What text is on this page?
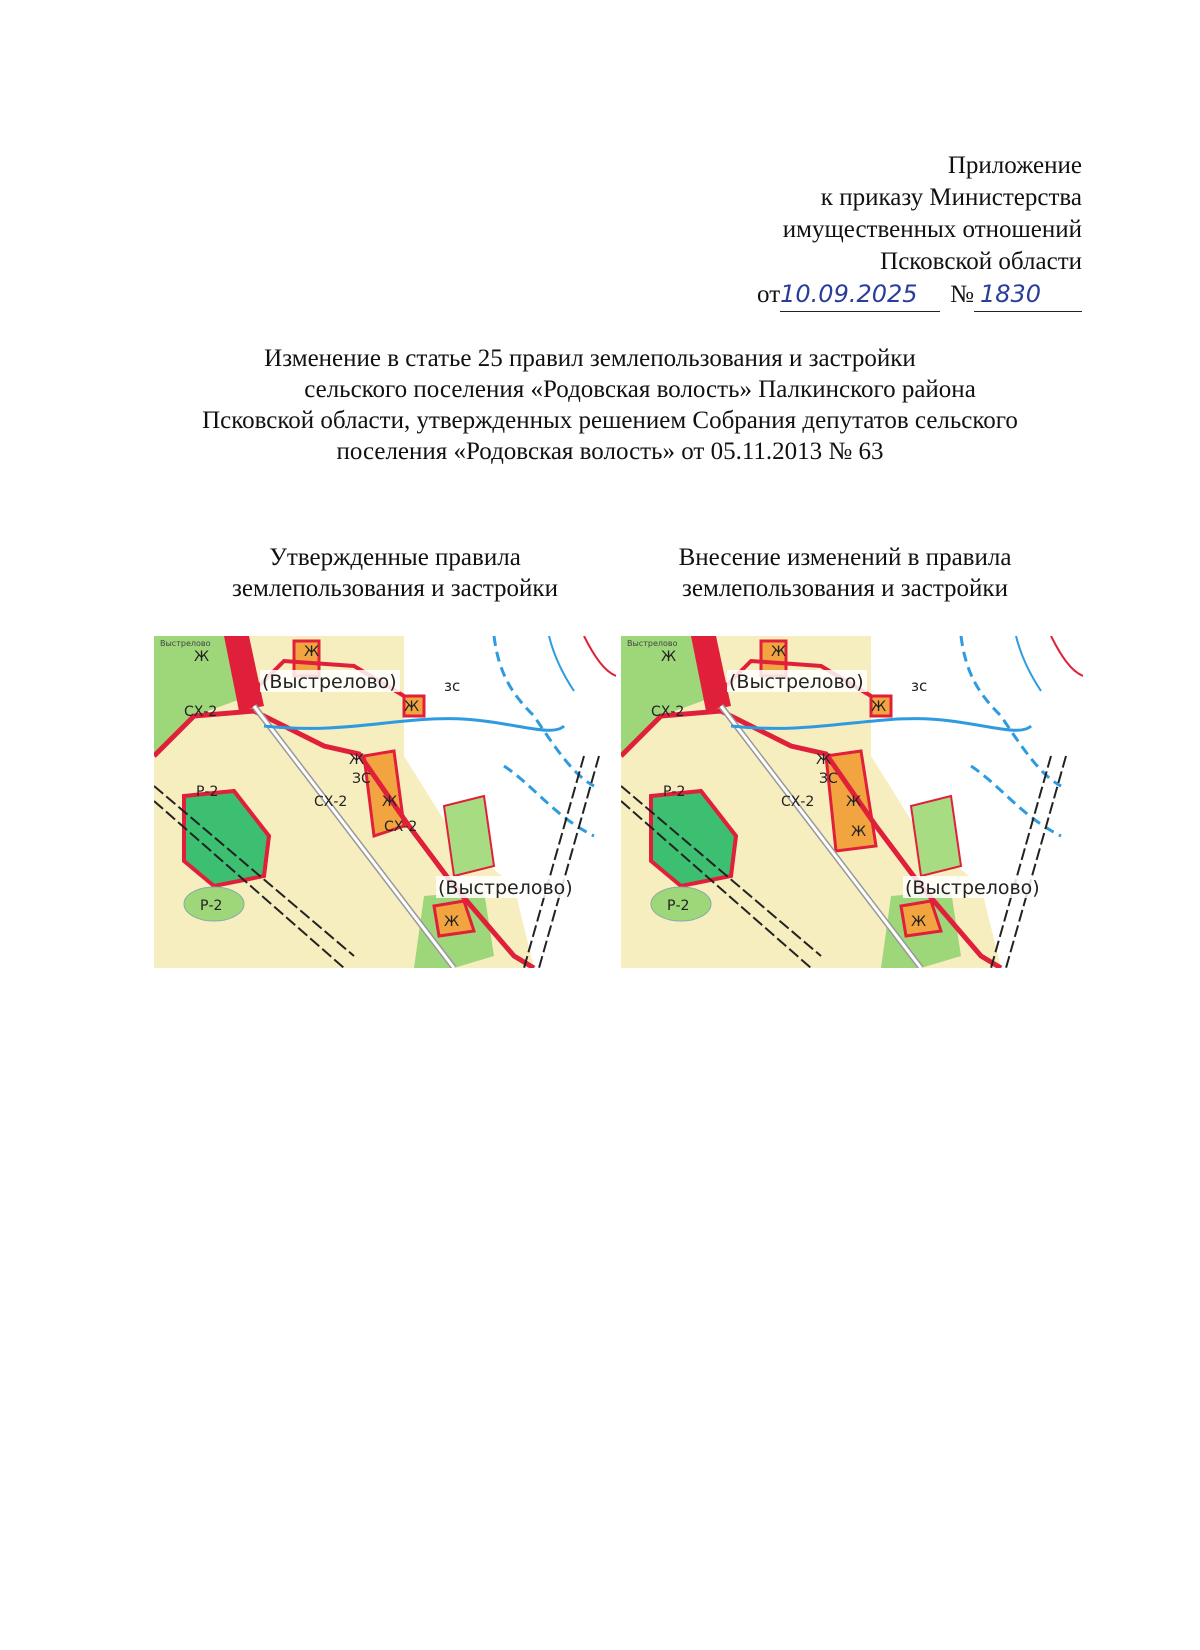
Приложение
к приказу Министерства
имущественных отношений
Псковской области
от 10.09.2025	№ 1830
Изменение в статье 25 правил землепользования и застройки
сельского поселения «Родовская волость» Палкинского района
Псковской области, утвержденных решением Собрания депутатов сельского
поселения «Родовская волость» от 05.11.2013 № 63
Утвержденные правила
землепользования и застройки
Внесение изменений в правила
землепользования и застройки
(Выстрелово)	зс
Ж
СХ-2
Р-2
Р-2
Ж
ЗС
СХ-2
СХ-2
Ж
Ж
Ж
Ж
(Выстрелово)
Выстрелово
(Выстрелово)	зс
Ж
СХ-2
Р-2
Р-2
Ж
ЗС
СХ-2 Ж
Ж
Ж
Ж
Ж
(Выстрелово)
Выстрелово
